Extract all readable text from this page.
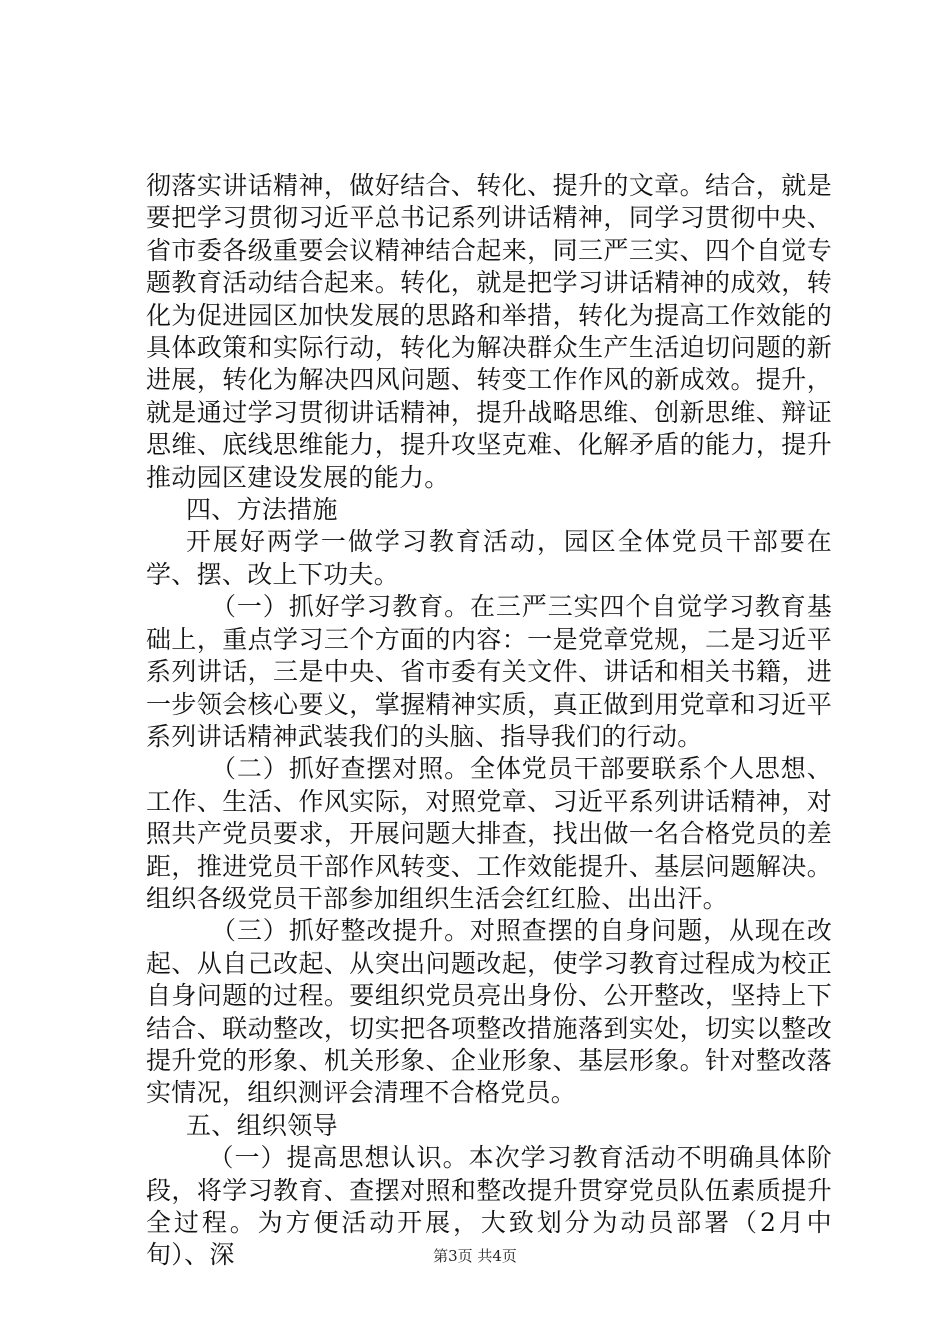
彻落实讲话精神，做好结合、转化、提升的文章。结合，就是要把学习贯彻习近平总书记系列讲话精神，同学习贯彻中央、省市委各级重要会议精神结合起来，同三严三实、四个自觉专题教育活动结合起来。转化，就是把学习讲话精神的成效，转化为促进园区加快发展的思路和举措，转化为提高工作效能的具体政策和实际行动，转化为解决群众生产生活迫切问题的新进展，转化为解决四风问题、转变工作作风的新成效。提升，就是通过学习贯彻讲话精神，提升战略思维、创新思维、辩证思维、底线思维能力，提升攻坚克难、化解矛盾的能力，提升推动园区建设发展的能力。

四、方法措施

开展好两学一做学习教育活动，园区全体党员干部要在学、摆、改上下功夫。

（一）抓好学习教育。在三严三实四个自觉学习教育基础上，重点学习三个方面的内容：一是党章党规，二是习近平系列讲话，三是中央、省市委有关文件、讲话和相关书籍，进一步领会核心要义，掌握精神实质，真正做到用党章和习近平系列讲话精神武装我们的头脑、指导我们的行动。

（二）抓好查摆对照。全体党员干部要联系个人思想、工作、生活、作风实际，对照党章、习近平系列讲话精神，对照共产党员要求，开展问题大排查，找出做一名合格党员的差距，推进党员干部作风转变、工作效能提升、基层问题解决。组织各级党员干部参加组织生活会红红脸、出出汗。

（三）抓好整改提升。对照查摆的自身问题，从现在改起、从自己改起、从突出问题改起，使学习教育过程成为校正自身问题的过程。要组织党员亮出身份、公开整改，坚持上下结合、联动整改，切实把各项整改措施落到实处，切实以整改提升党的形象、机关形象、企业形象、基层形象。针对整改落实情况，组织测评会清理不合格党员。

五、组织领导

（一）提高思想认识。本次学习教育活动不明确具体阶段，将学习教育、查摆对照和整改提升贯穿党员队伍素质提升全过程。为方便活动开展，大致划分为动员部署（2月中旬）、深	第3页 共4页
